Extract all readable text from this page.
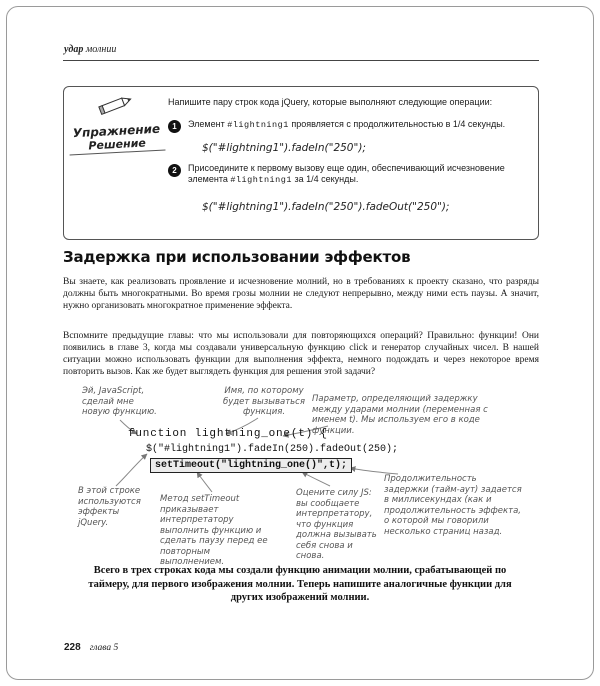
удар молнии
Упражнение
Решение
Напишите пару строк кода jQuery, которые выполняют следующие операции:
1	Элемент #lightning1 проявляется с продолжительностью в 1/4 секунды.
$("#lightning1").fadeIn("250");
2	Присоедините к первому вызову еще один, обеспечивающий исчезновение элемента #lightning1 за 1/4 секунды.
$("#lightning1").fadeIn("250").fadeOut("250");
Задержка при использовании эффектов

Вы знаете, как реализовать проявление и исчезновение молний, но в требованиях к проекту сказано, что разряды должны быть многократными. Во время грозы молнии не следуют непрерывно, между ними есть паузы. А значит, нужно организовать многократное применение эффекта.

Вспомните предыдущие главы: что мы использовали для повторяющихся операций? Правильно: функции! Они появились в главе 3, когда мы создавали универсальную функцию click и генератор случайных чисел. В нашей ситуации можно использовать функции для выполнения эффекта, немного подождать и через некоторое время повторить вызов. Как же будет выглядеть функция для решения этой задачи?

Эй, JavaScript, сделай мне новую функцию.
Имя, по которому будет вызываться функция.
Параметр, определяющий задержку между ударами молнии (переменная с именем t). Мы используем его в коде функции.
function lightning_one(t) {
$("#lightning1").fadeIn(250).fadeOut(250);
setTimeout("lightning_one()",t);
В этой строке используются эффекты jQuery.
Метод setTimeout приказывает интерпретатору выполнить функцию и сделать паузу перед ее повторным выполнением.
Оцените силу JS: вы сообщаете интерпретатору, что функция должна вызывать себя снова и снова.
Продолжительность задержки (тайм-аут) задается в миллисекундах (как и продолжительность эффекта, о которой мы говорили несколько страниц назад.

Всего в трех строках кода мы создали функцию анимации молнии, срабатывающей по таймеру, для первого изображения молнии. Теперь напишите аналогичные функции для других изображений молнии.

228 глава 5
